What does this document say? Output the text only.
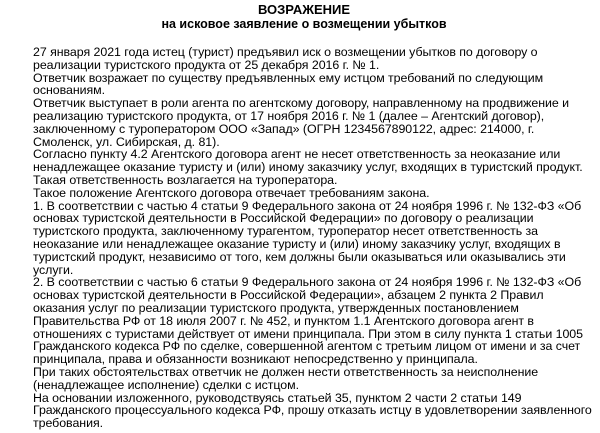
ВОЗРАЖЕНИЕ

на исковое заявление о возмещении убытков

27 января 2021 года истец (турист) предъявил иск о возмещении убытков по договору о реализации туристского продукта от 25 декабря 2016 г. № 1.

Ответчик возражает по существу предъявленных ему истцом требований по следующим основаниям.

Ответчик выступает в роли агента по агентскому договору, направленному на продвижение и реализацию туристского продукта, от 17 ноября 2016 г. № 1 (далее – Агентский договор), заключенному с туроператором ООО «Запад» (ОГРН 1234567890122, адрес: 214000, г. Смоленск, ул. Сибирская, д. 81).

Согласно пункту 4.2 Агентского договора агент не несет ответственность за неоказание или ненадлежащее оказание туристу и (или) иному заказчику услуг, входящих в туристский продукт. Такая ответственность возлагается на туроператора.

Такое положение Агентского договора отвечает требованиям закона.

1. В соответствии с частью 4 статьи 9 Федерального закона от 24 ноября 1996 г. № 132-ФЗ «Об основах туристской деятельности в Российской Федерации» по договору о реализации туристского продукта, заключенному турагентом, туроператор несет ответственность за неоказание или ненадлежащее оказание туристу и (или) иному заказчику услуг, входящих в туристский продукт, независимо от того, кем должны были оказываться или оказывались эти услуги.

2. В соответствии с частью 6 статьи 9 Федерального закона от 24 ноября 1996 г. № 132-ФЗ «Об основах туристской деятельности в Российской Федерации», абзацем 2 пункта 2 Правил оказания услуг по реализации туристского продукта, утвержденных постановлением Правительства РФ от 18 июля 2007 г. № 452, и пунктом 1.1 Агентского договора агент в отношениях с туристами действует от имени принципала. При этом в силу пункта 1 статьи 1005 Гражданского кодекса РФ по сделке, совершенной агентом с третьим лицом от имени и за счет принципала, права и обязанности возникают непосредственно у принципала.

При таких обстоятельствах ответчик не должен нести ответственность за неисполнение (ненадлежащее исполнение) сделки с истцом.

На основании изложенного, руководствуясь статьей 35, пунктом 2 части 2 статьи 149 Гражданского процессуального кодекса РФ, прошу отказать истцу в удовлетворении заявленного требования.
